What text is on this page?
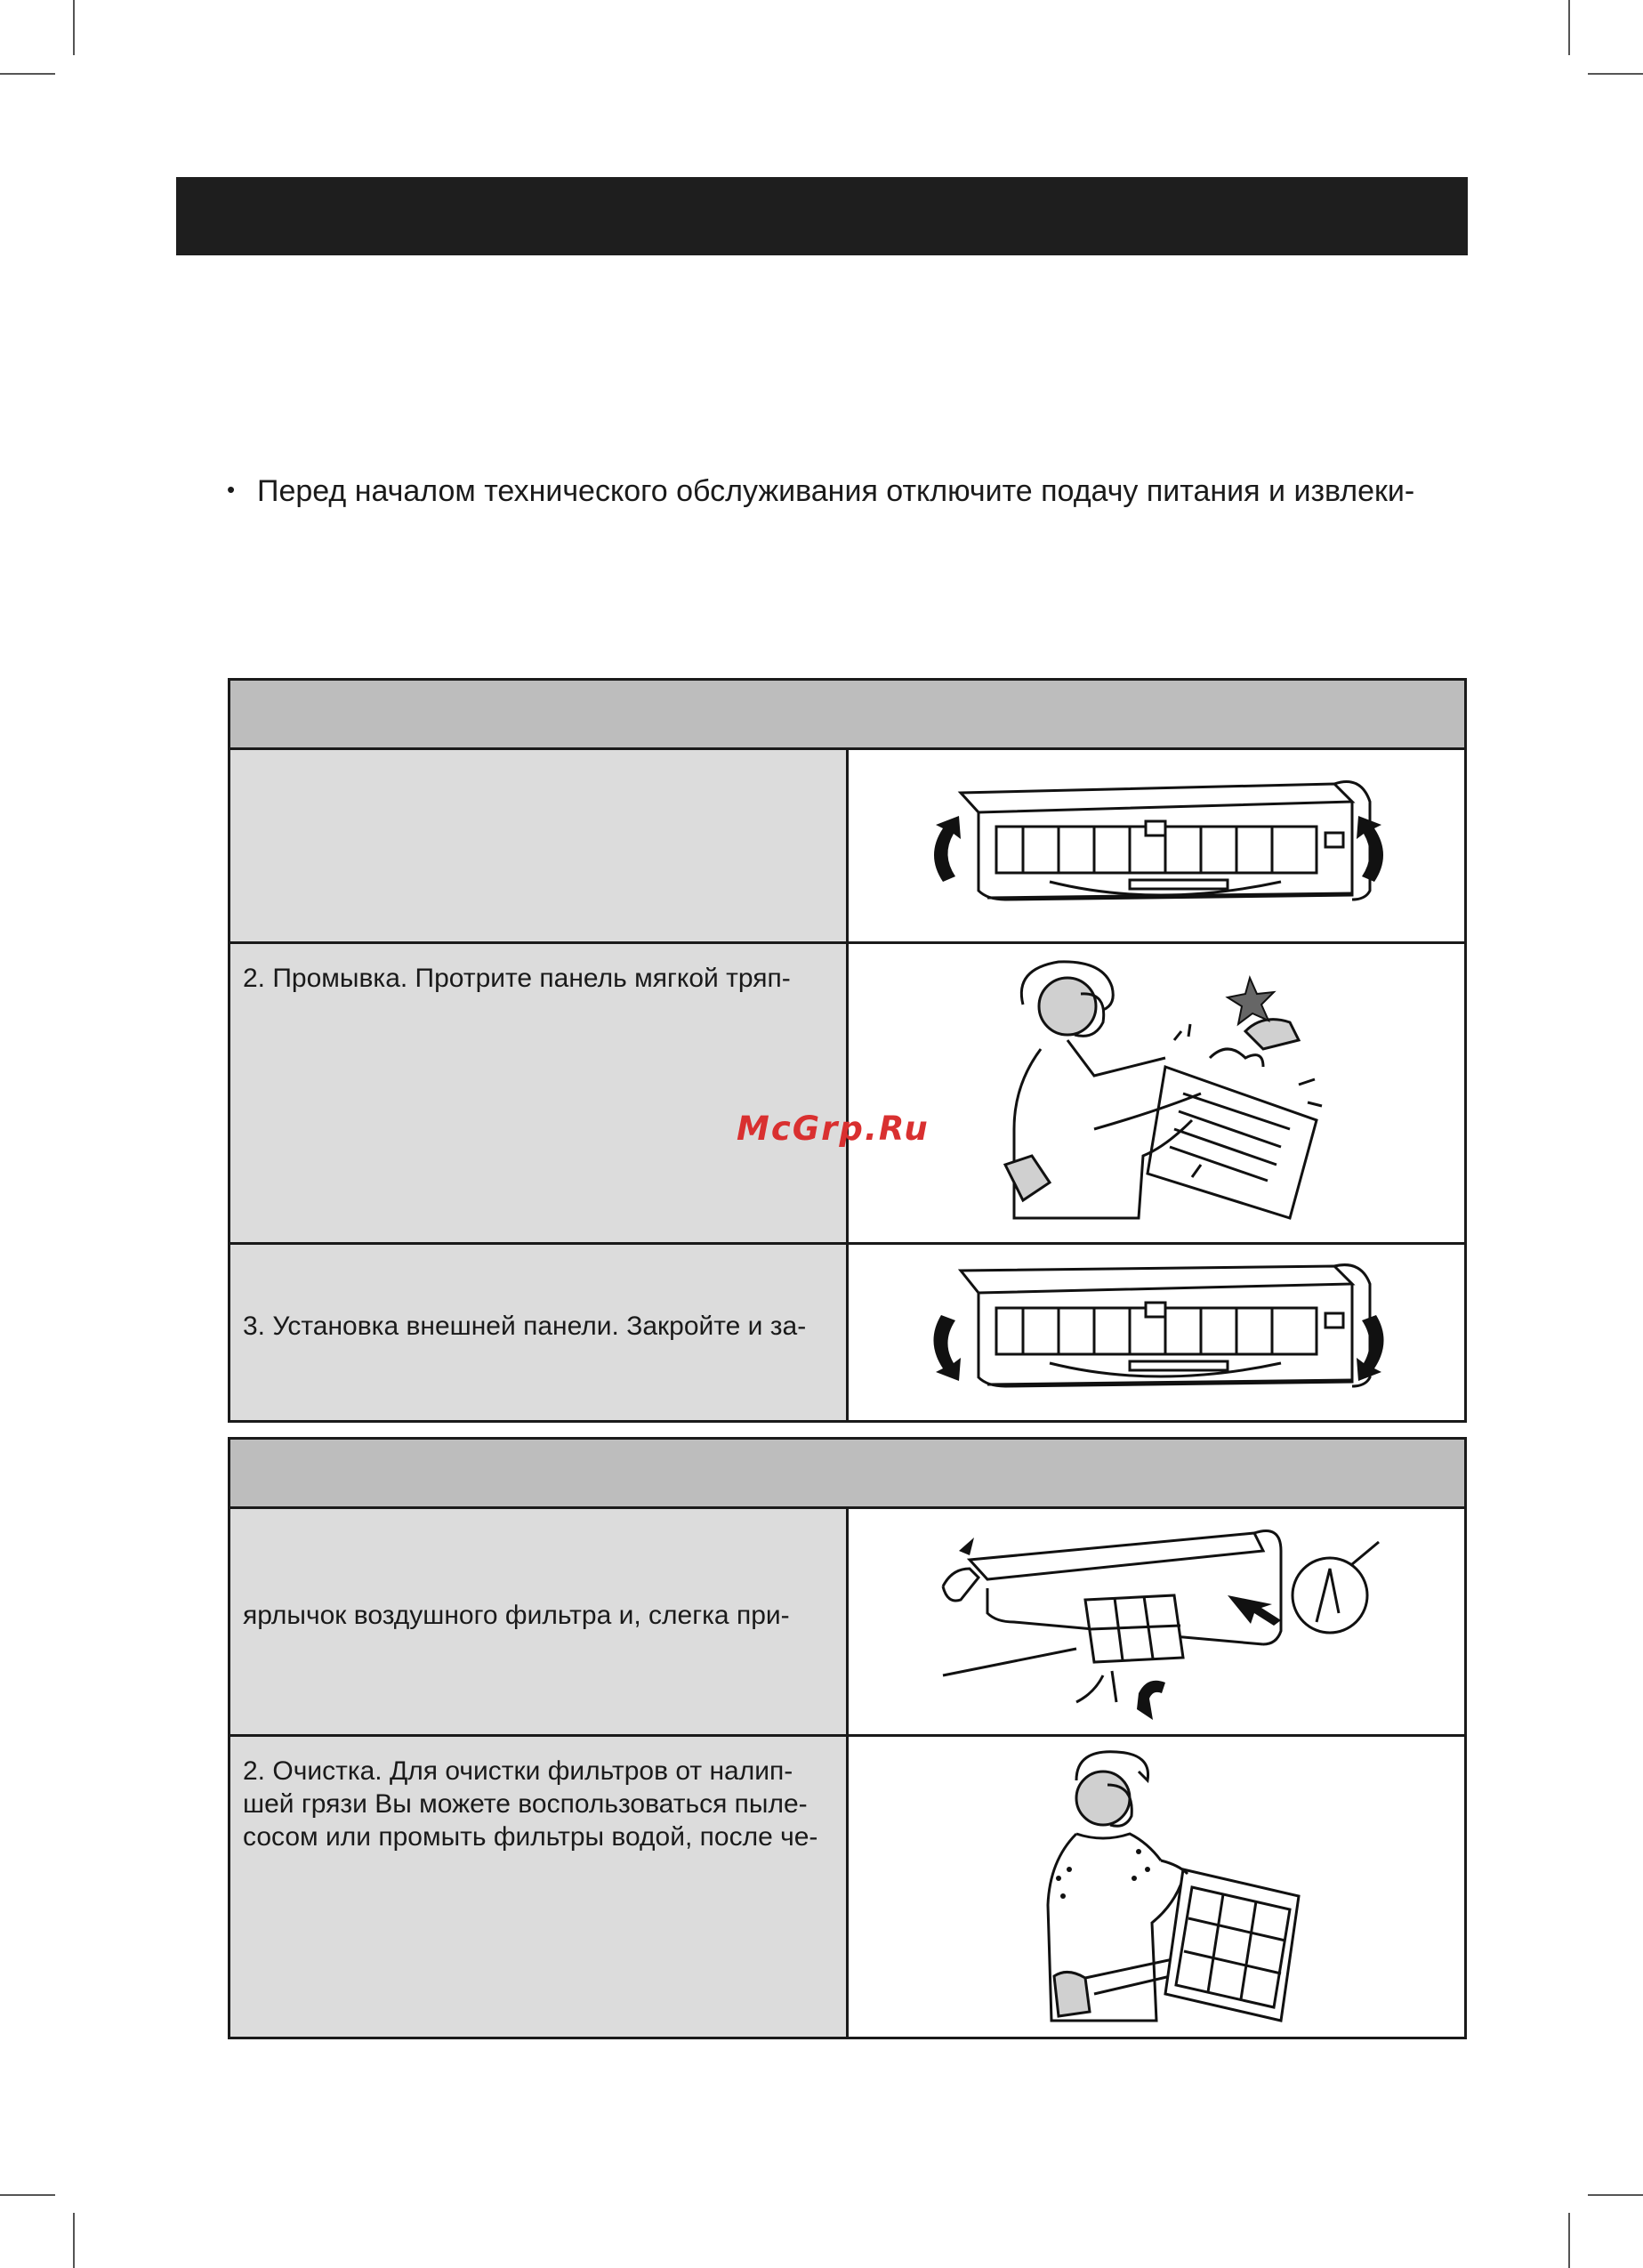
• Перед началом технического обслуживания отключите подачу питания и извлеки-

2. Промывка. Протрите панель мягкой тряп-

3. Установка внешней панели. Закройте и за-

ярлычок воздушного фильтра и, слегка при-

2. Очистка. Для очистки фильтров от налип-
шей грязи Вы можете воспользоваться пыле-
сосом или промыть фильтры водой, после че-

McGrp.Ru
